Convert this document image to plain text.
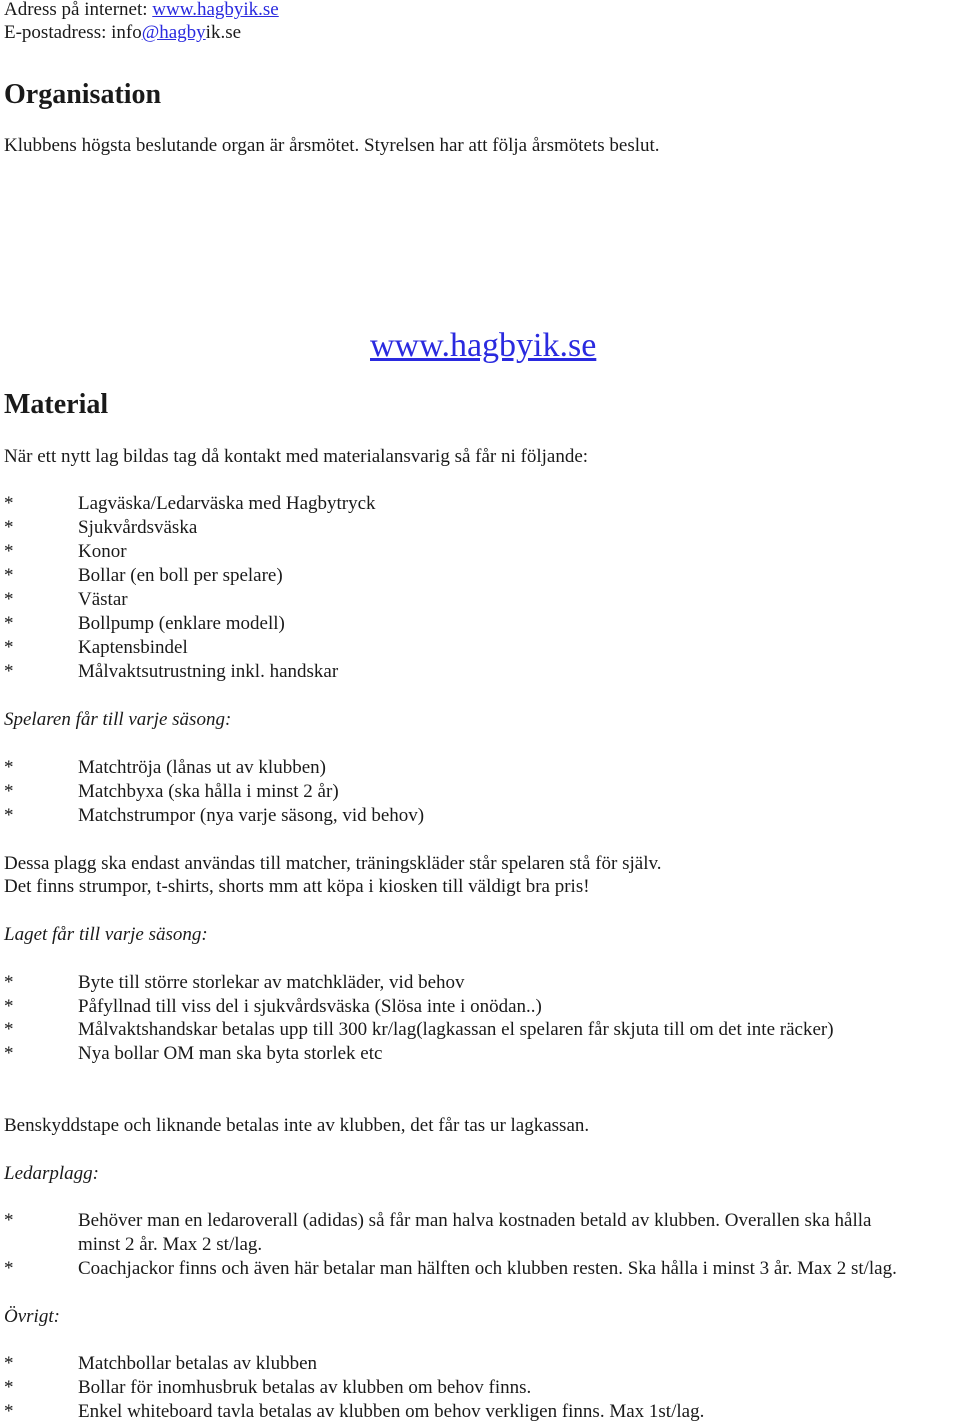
Adress på internet: www.hagbyik.se
E-postadress: info@hagbyik.se
Organisation
Klubbens högsta beslutande organ är årsmötet. Styrelsen har att följa årsmötets beslut.
www.hagbyik.se
Material
När ett nytt lag bildas tag då kontakt med materialansvarig så får ni följande:
*	Lagväska/Ledarväska med Hagbytryck
*	Sjukvårdsväska
*	Konor
*	Bollar (en boll per spelare)
*	Västar
*	Bollpump (enklare modell)
*	Kaptensbindel
*	Målvaktsutrustning inkl. handskar
Spelaren får till varje säsong:
*	Matchtröja (lånas ut av klubben)
*	Matchbyxa (ska hålla i minst 2 år)
*	Matchstrumpor (nya varje säsong, vid behov)
Dessa plagg ska endast användas till matcher, träningskläder står spelaren stå för själv.
Det finns strumpor, t-shirts, shorts mm att köpa i kiosken till väldigt bra pris!
Laget får till varje säsong:
*	Byte till större storlekar av matchkläder, vid behov
*	Påfyllnad till viss del i sjukvårdsväska (Slösa inte i onödan..)
*	Målvaktshandskar betalas upp till 300 kr/lag(lagkassan el spelaren får skjuta till om det inte räcker)
*	Nya bollar OM man ska byta storlek etc
Benskyddstape och liknande betalas inte av klubben, det får tas ur lagkassan.
Ledarplagg:
*	Behöver man en ledaroverall (adidas) så får man halva kostnaden betald av klubben. Overallen ska hålla
minst 2 år. Max 2 st/lag.
*	Coachjackor finns och även här betalar man hälften och klubben resten. Ska hålla i minst 3 år. Max 2 st/lag.
Övrigt:
*	Matchbollar betalas av klubben
*	Bollar för inomhusbruk betalas av klubben om behov finns.
*	Enkel whiteboard tavla betalas av klubben om behov verkligen finns. Max 1st/lag.
